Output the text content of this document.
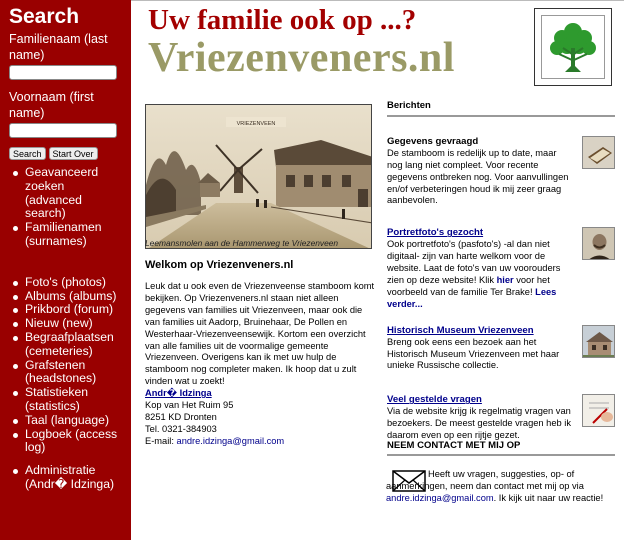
Search
Familienaam (last name)
Voornaam (first name)
Search	Start Over
Geavanceerd zoeken (advanced search)
Familienamen (surnames)
Foto's (photos)
Albums (albums)
Prikbord (forum)
Nieuw (new)
Begraafplaatsen (cemeteries)
Grafstenen (headstones)
Statistieken (statistics)
Taal (language)
Logboek (access log)
Administratie (Andr� Idzinga)
Uw familie ook op ...?
Vriezenveners.nl
VRIEZENVEEN
Leemansmolen aan de Hammerweg te Vriezenveen
Welkom op Vriezenveners.nl
Leuk dat u ook even de Vriezenveense stamboom komt bekijken. Op Vriezenveners.nl staan niet alleen gegevens van families uit Vriezenveen, maar ook die van families uit Aadorp, Bruinehaar, De Pollen en Westerhaar-Vriezenveensewijk. Kortom een overzicht van alle families uit de voormalige gemeente Vriezenveen. Overigens kan ik met uw hulp de stamboom nog completer maken. Ik hoop dat u zult vinden wat u zoekt!
Andr� Idzinga
Kop van Het Ruim 95
8251 KD Dronten
Tel. 0321-384903
E-mail: andre.idzinga@gmail.com
Berichten
Gegevens gevraagd
De stamboom is redelijk up to date, maar nog lang niet compleet. Voor recente gegevens ontbreken nog. Voor aanvullingen en/of verbeteringen houd ik mij zeer graag aanbevolen.
Portretfoto's gezocht
Ook portretfoto's (pasfoto's) -al dan niet digitaal- zijn van harte welkom voor de website. Laat de foto's van uw voorouders zien op deze website! Klik hier voor het voorbeeld van de familie Ter Brake! Lees verder...
Historisch Museum Vriezenveen
Breng ook eens een bezoek aan het Historisch Museum Vriezenveen met haar unieke Russische collectie.
Veel gestelde vragen
Via de website krijg ik regelmatig vragen van bezoekers. De meest gestelde vragen heb ik daarom even op een rijtje gezet.
NEEM CONTACT MET MIJ OP
Heeft uw vragen, suggesties, op- of aanmerkingen, neem dan contact met mij op via andre.idzinga@gmail.com. Ik kijk uit naar uw reactie!
